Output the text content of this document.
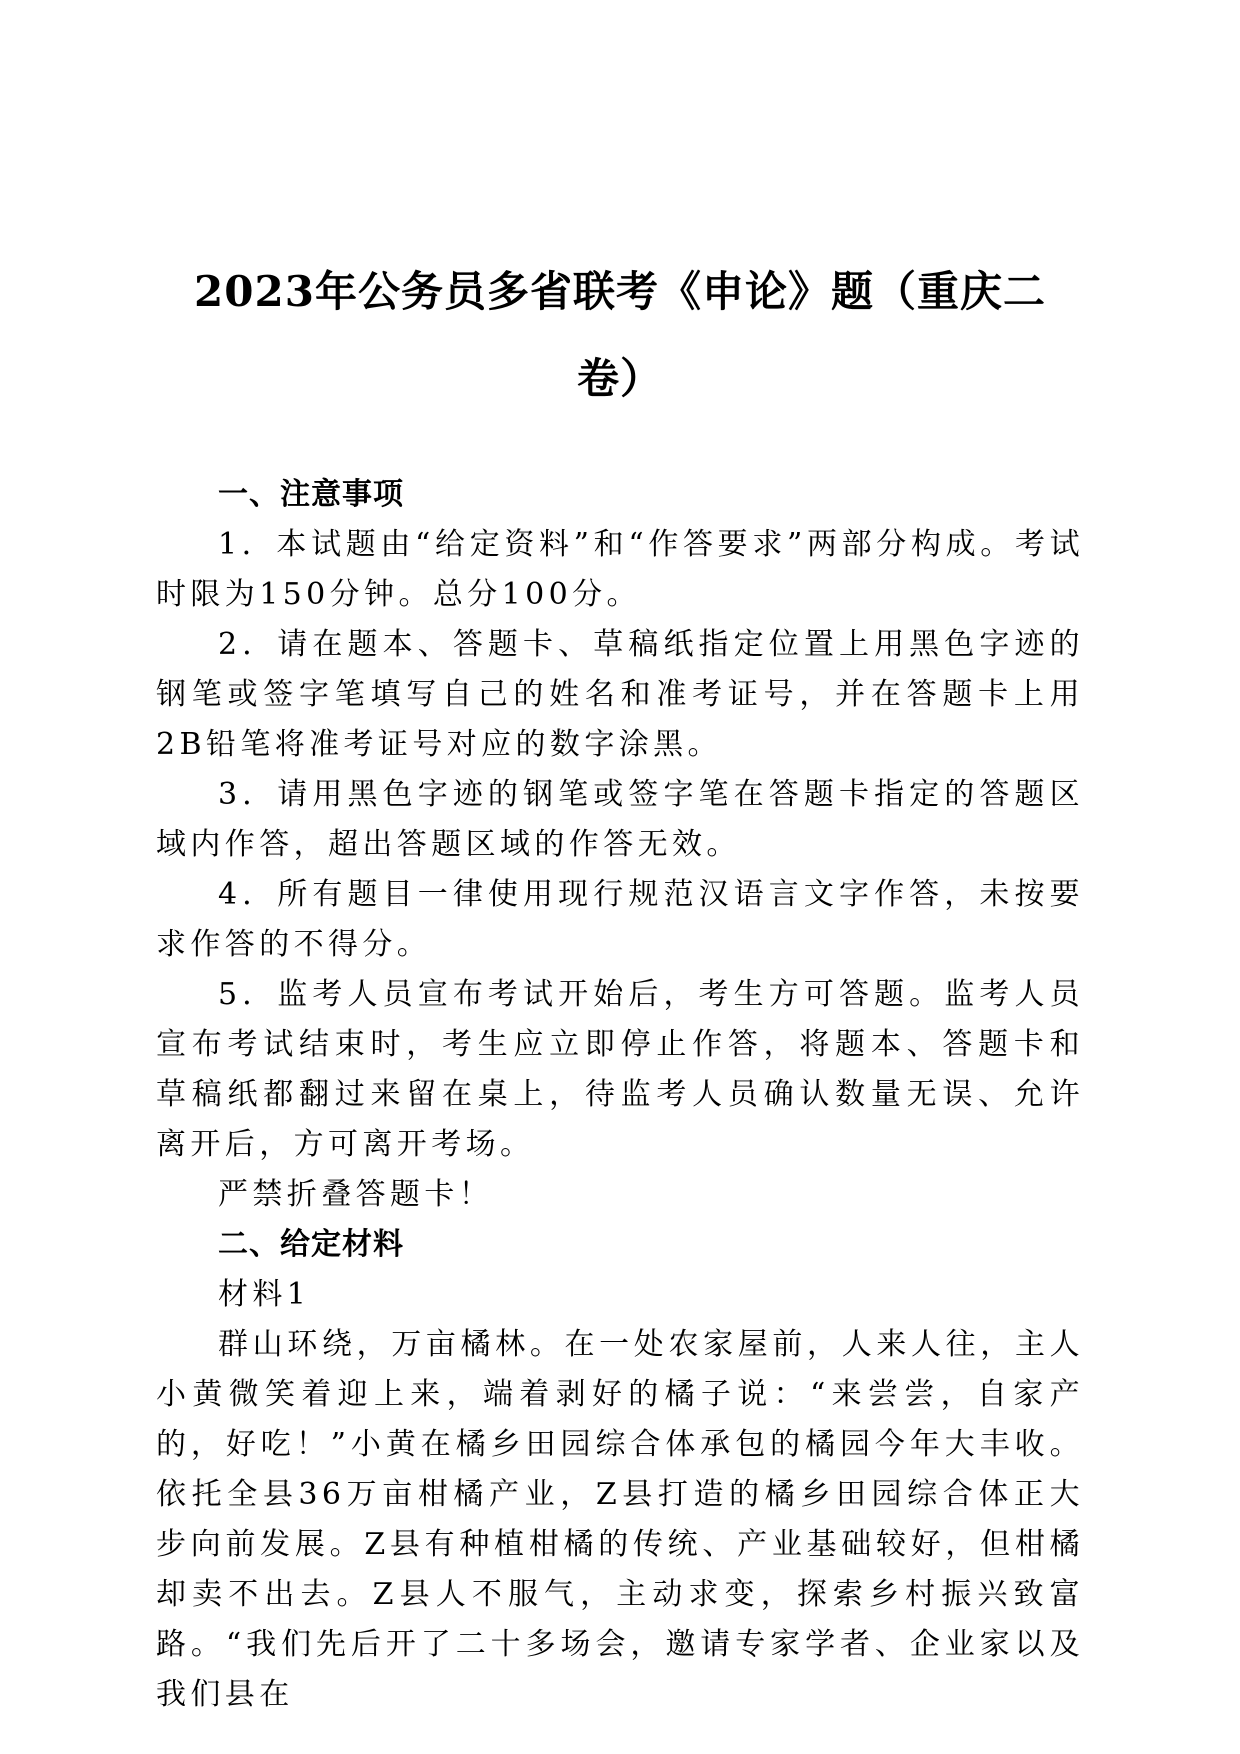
2023年公务员多省联考《申论》题（重庆二
卷）

一、注意事项

1．本试题由“给定资料”和“作答要求”两部分构成。考试时限为150分钟。总分100分。

2．请在题本、答题卡、草稿纸指定位置上用黑色字迹的钢笔或签字笔填写自己的姓名和准考证号，并在答题卡上用2B铅笔将准考证号对应的数字涂黑。

3．请用黑色字迹的钢笔或签字笔在答题卡指定的答题区域内作答，超出答题区域的作答无效。

4．所有题目一律使用现行规范汉语言文字作答，未按要求作答的不得分。

5．监考人员宣布考试开始后，考生方可答题。监考人员宣布考试结束时，考生应立即停止作答，将题本、答题卡和草稿纸都翻过来留在桌上，待监考人员确认数量无误、允许离开后，方可离开考场。

严禁折叠答题卡！

二、给定材料

材料1

群山环绕，万亩橘林。在一处农家屋前，人来人往，主人小黄微笑着迎上来，端着剥好的橘子说：“来尝尝，自家产的，好吃！”小黄在橘乡田园综合体承包的橘园今年大丰收。依托全县36万亩柑橘产业，Z县打造的橘乡田园综合体正大步向前发展。Z县有种植柑橘的传统、产业基础较好，但柑橘却卖不出去。Z县人不服气，主动求变，探索乡村振兴致富路。“我们先后开了二十多场会，邀请专家学者、企业家以及我们县在
